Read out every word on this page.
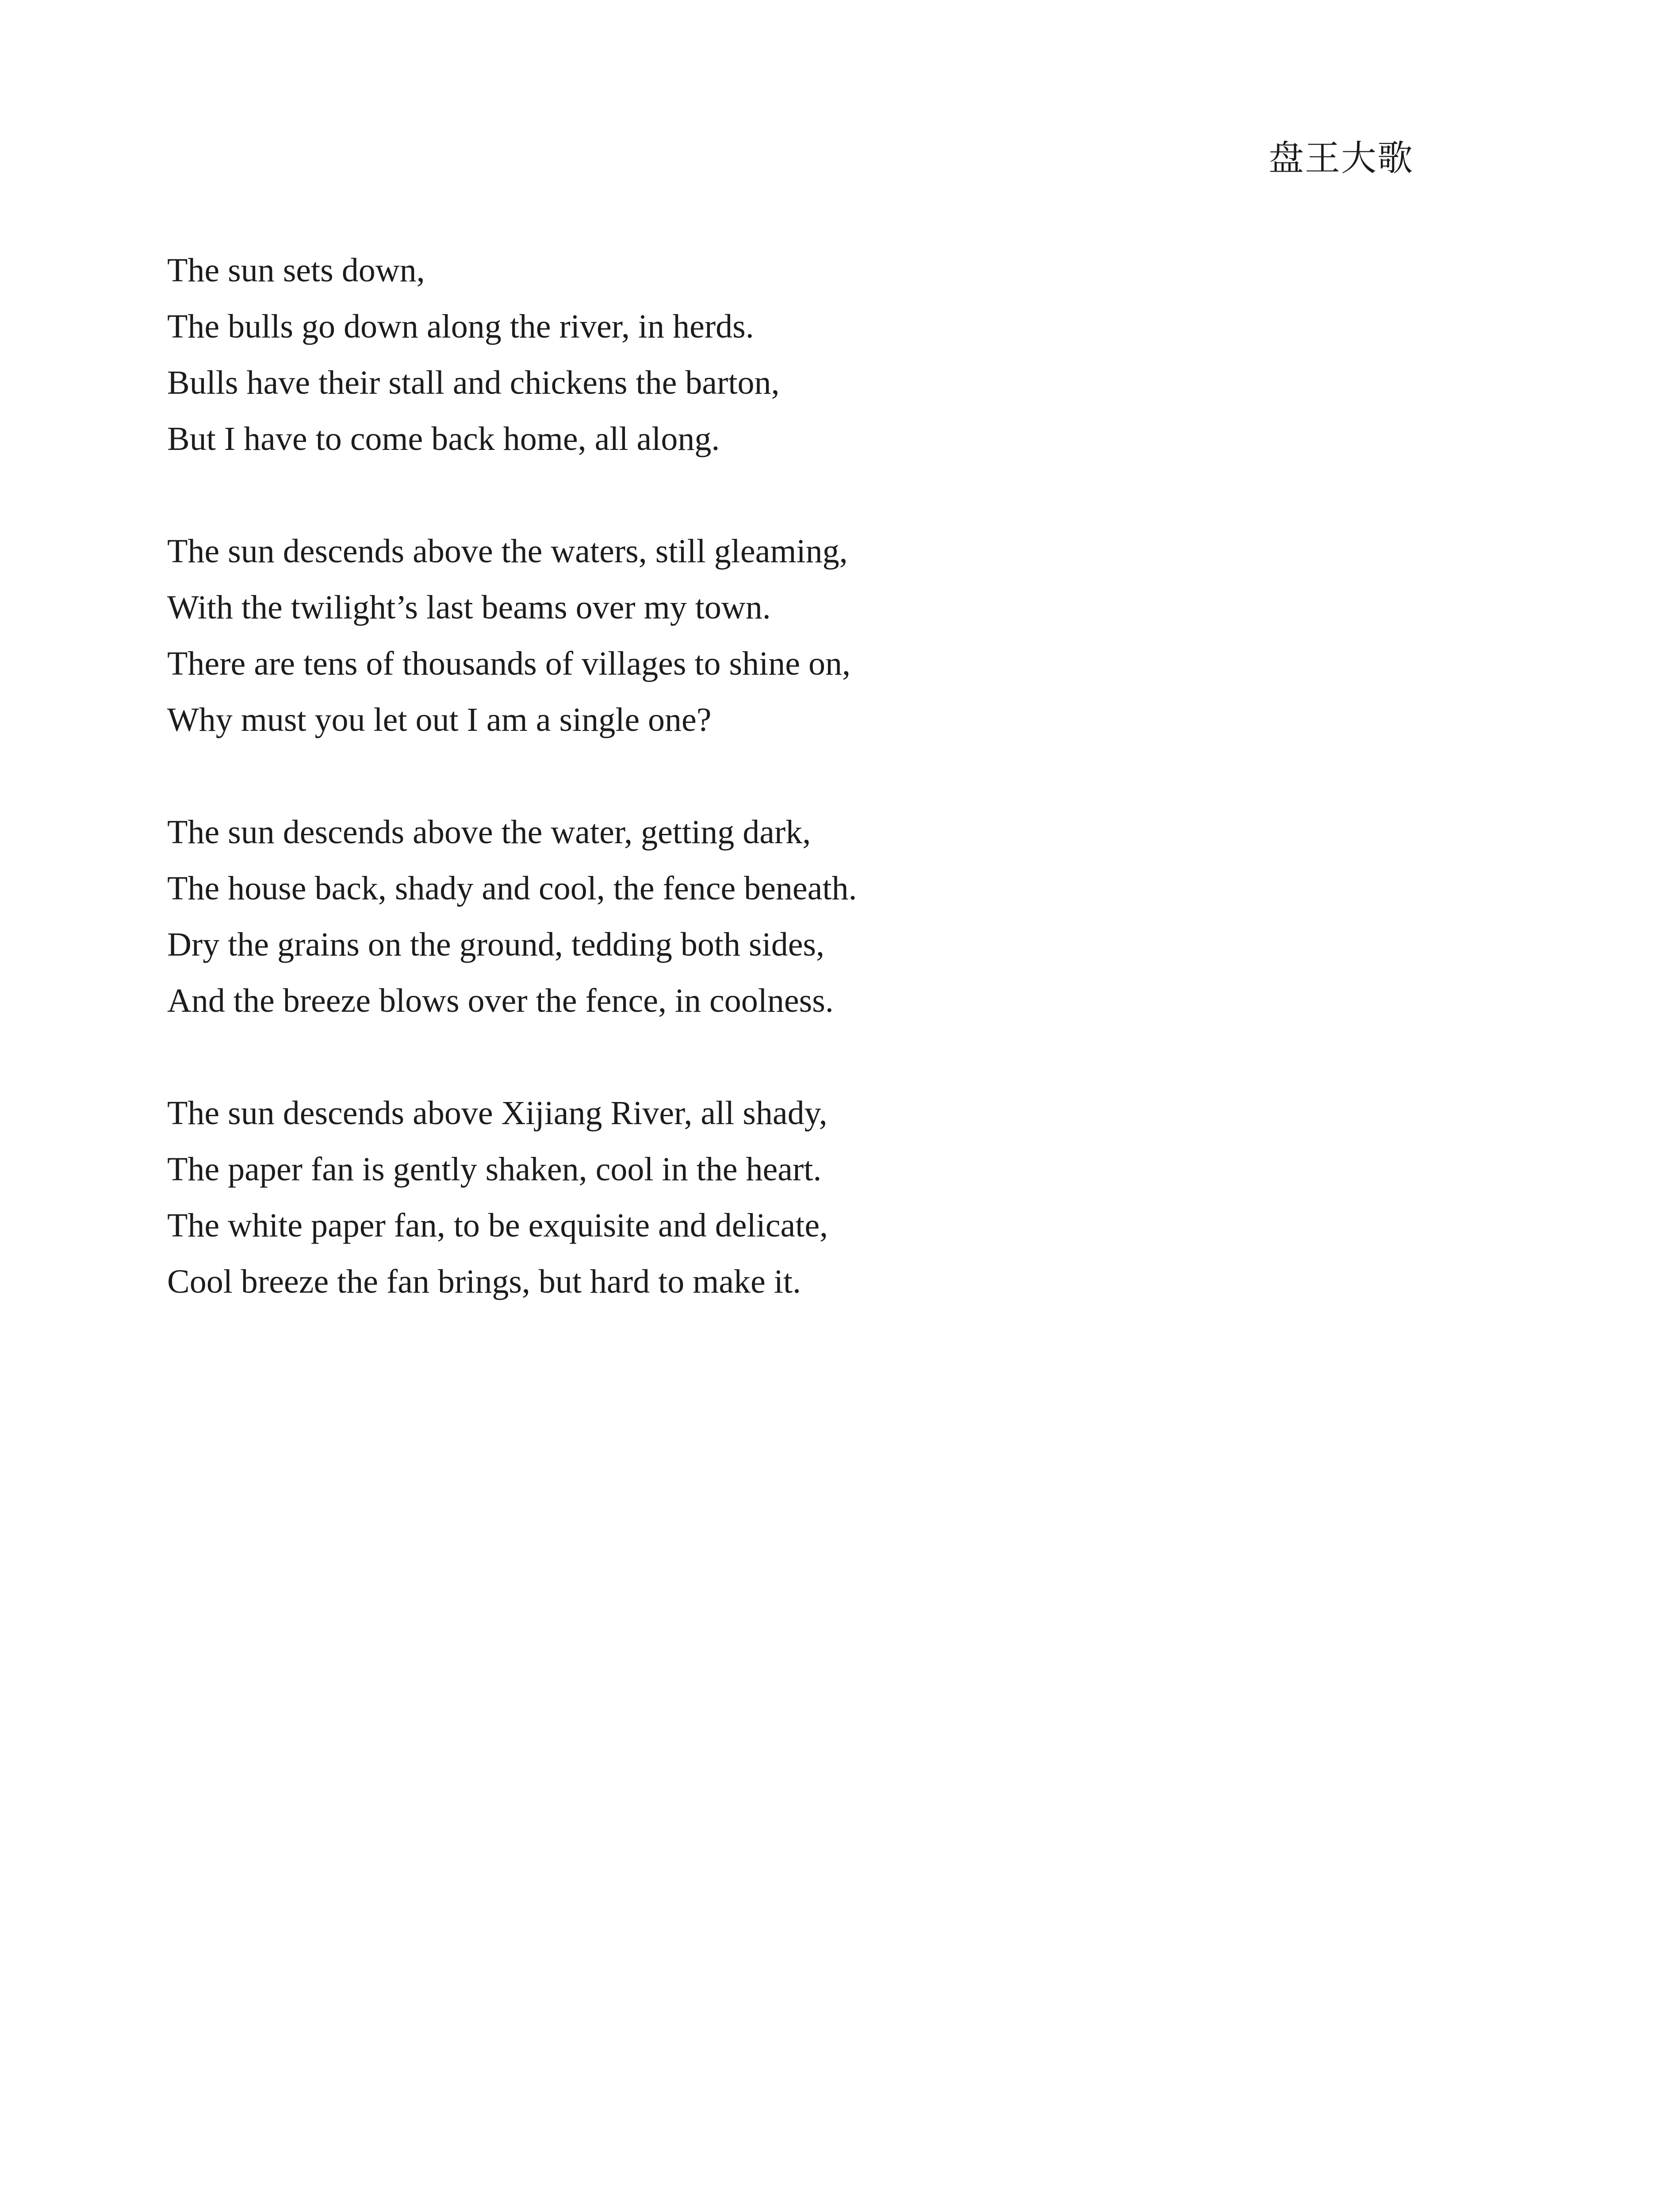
盘王大歌
The sun sets down,
The bulls go down along the river, in herds.
Bulls have their stall and chickens the barton,
But I have to come back home, all along.
The sun descends above the waters, still gleaming,
With the twilight’s last beams over my town.
There are tens of thousands of villages to shine on,
Why must you let out I am a single one?
The sun descends above the water, getting dark,
The house back, shady and cool, the fence beneath.
Dry the grains on the ground, tedding both sides,
And the breeze blows over the fence, in coolness.
The sun descends above Xijiang River, all shady,
The paper fan is gently shaken, cool in the heart.
The white paper fan, to be exquisite and delicate,
Cool breeze the fan brings, but hard to make it.
